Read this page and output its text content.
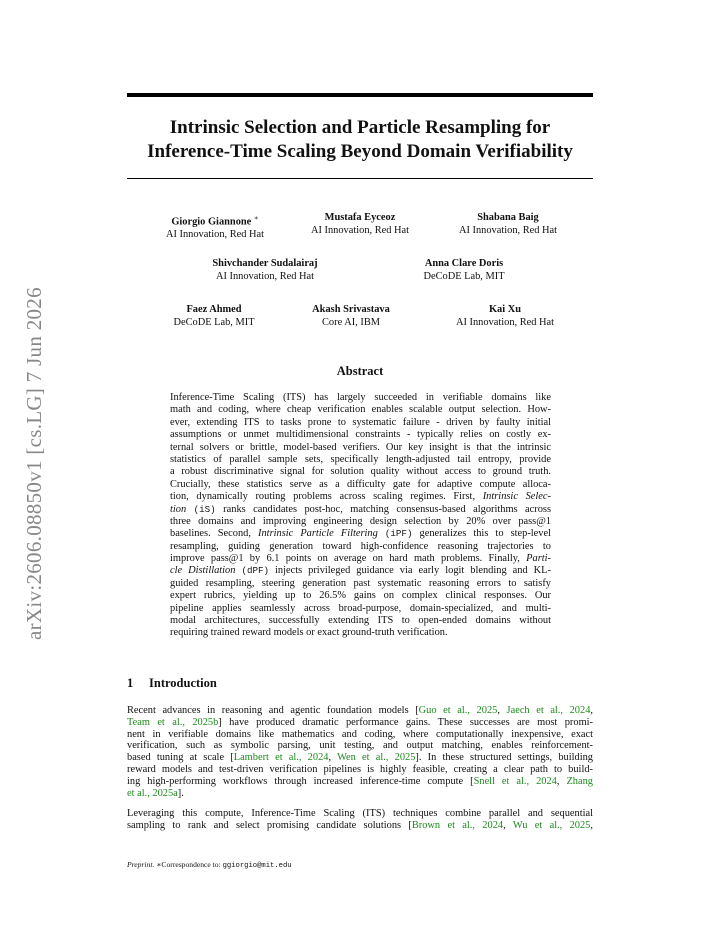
arXiv:2606.08850v1 [cs.LG] 7 Jun 2026
Intrinsic Selection and Particle Resampling for
Inference-Time Scaling Beyond Domain Verifiability
Giorgio Giannone ∗
AI Innovation, Red Hat
Mustafa Eyceoz
AI Innovation, Red Hat
Shabana Baig
AI Innovation, Red Hat
Shivchander Sudalairaj
AI Innovation, Red Hat
Anna Clare Doris
DeCoDE Lab, MIT
Faez Ahmed
DeCoDE Lab, MIT
Akash Srivastava
Core AI, IBM
Kai Xu
AI Innovation, Red Hat
Abstract
Inference-Time Scaling (ITS) has largely succeeded in verifiable domains like
math and coding, where cheap verification enables scalable output selection. How-
ever, extending ITS to tasks prone to systematic failure - driven by faulty initial
assumptions or unmet multidimensional constraints - typically relies on costly ex-
ternal solvers or brittle, model-based verifiers. Our key insight is that the intrinsic
statistics of parallel sample sets, specifically length-adjusted tail entropy, provide
a robust discriminative signal for solution quality without access to ground truth.
Crucially, these statistics serve as a difficulty gate for adaptive compute alloca-
tion, dynamically routing problems across scaling regimes. First, Intrinsic Selec-
tion (iS) ranks candidates post-hoc, matching consensus-based algorithms across
three domains and improving engineering design selection by 20% over pass@1
baselines. Second, Intrinsic Particle Filtering (iPF) generalizes this to step-level
resampling, guiding generation toward high-confidence reasoning trajectories to
improve pass@1 by 6.1 points on average on hard math problems. Finally, Parti-
cle Distillation (dPF) injects privileged guidance via early logit blending and KL-
guided resampling, steering generation past systematic reasoning errors to satisfy
expert rubrics, yielding up to 26.5% gains on complex clinical responses. Our
pipeline applies seamlessly across broad-purpose, domain-specialized, and multi-
modal architectures, successfully extending ITS to open-ended domains without
requiring trained reward models or exact ground-truth verification.
1 Introduction
Recent advances in reasoning and agentic foundation models [Guo et al., 2025, Jaech et al., 2024,
Team et al., 2025b] have produced dramatic performance gains. These successes are most promi-
nent in verifiable domains like mathematics and coding, where computationally inexpensive, exact
verification, such as symbolic parsing, unit testing, and output matching, enables reinforcement-
based tuning at scale [Lambert et al., 2024, Wen et al., 2025]. In these structured settings, building
reward models and test-driven verification pipelines is highly feasible, creating a clear path to build-
ing high-performing workflows through increased inference-time compute [Snell et al., 2024, Zhang
et al., 2025a].
Leveraging this compute, Inference-Time Scaling (ITS) techniques combine parallel and sequential
sampling to rank and select promising candidate solutions [Brown et al., 2024, Wu et al., 2025,
Preprint. ∗Correspondence to: ggiorgio@mit.edu
